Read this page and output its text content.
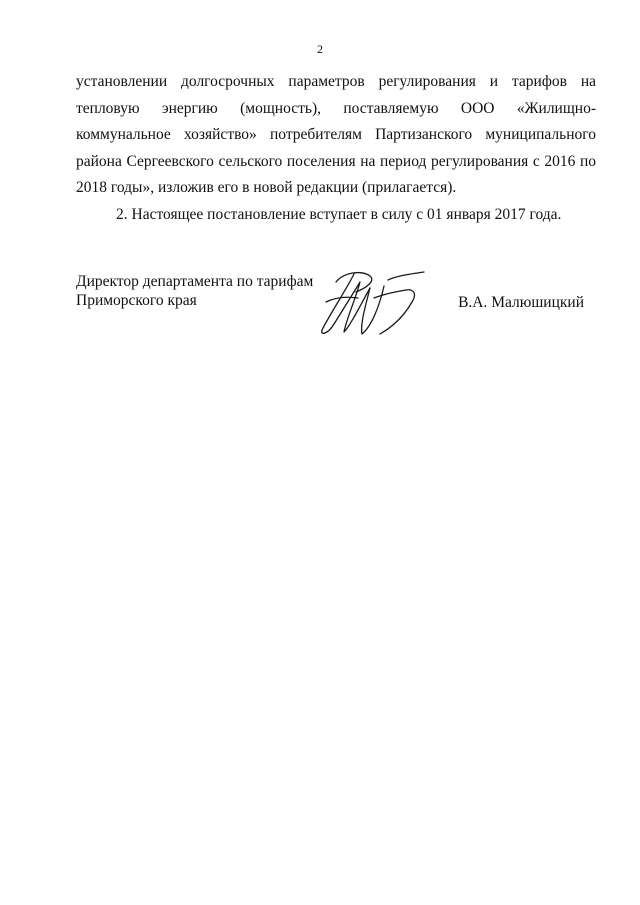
2

установлении долгосрочных параметров регулирования и тарифов на тепловую энергию (мощность), поставляемую ООО «Жилищно-коммунальное хозяйство» потребителям Партизанского муниципального района Сергеевского сельского поселения на период регулирования с 2016 по 2018 годы», изложив его в новой редакции (прилагается).

2. Настоящее постановление вступает в силу с 01 января 2017 года.

Директор департамента по тарифам
Приморского края	В.А. Малюшицкий
